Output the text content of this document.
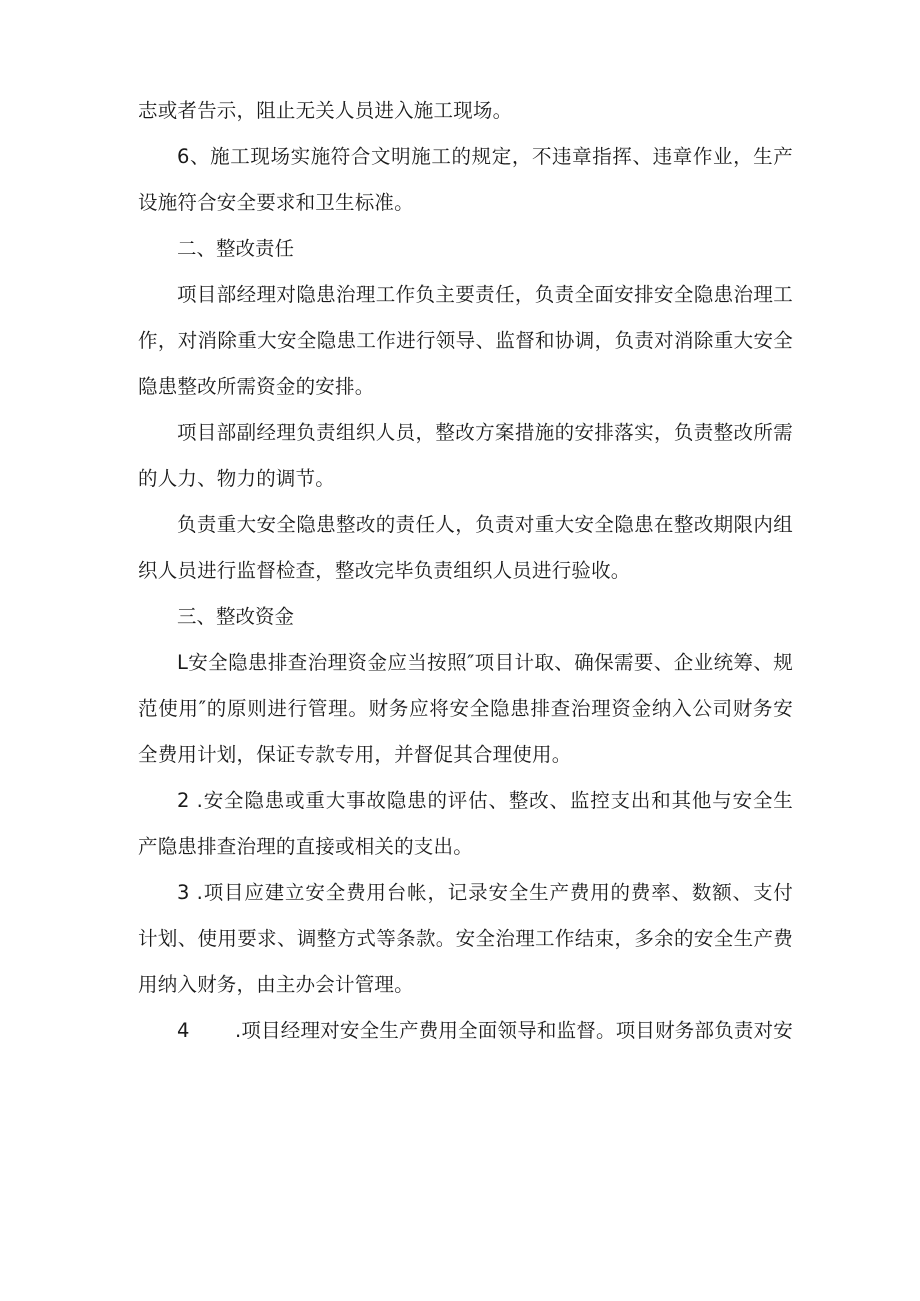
志或者告示，阻止无关人员进入施工现场。

6、施工现场实施符合文明施工的规定，不违章指挥、违章作业，生产设施符合安全要求和卫生标准。

二、整改责任

项目部经理对隐患治理工作负主要责任，负责全面安排安全隐患治理工作，对消除重大安全隐患工作进行领导、监督和协调，负责对消除重大安全隐患整改所需资金的安排。

项目部副经理负责组织人员，整改方案措施的安排落实，负责整改所需的人力、物力的调节。

负责重大安全隐患整改的责任人，负责对重大安全隐患在整改期限内组织人员进行监督检查，整改完毕负责组织人员进行验收。

三、整改资金

L安全隐患排查治理资金应当按照″项目计取、确保需要、企业统筹、规范使用″的原则进行管理。财务应将安全隐患排查治理资金纳入公司财务安全费用计划，保证专款专用，并督促其合理使用。

2 .安全隐患或重大事故隐患的评估、整改、监控支出和其他与安全生产隐患排查治理的直接或相关的支出。

3 .项目应建立安全费用台帐，记录安全生产费用的费率、数额、支付计划、使用要求、调整方式等条款。安全治理工作结束，多余的安全生产费用纳入财务，由主办会计管理。

4 .项目经理对安全生产费用全面领导和监督。项目财务部负责对安
